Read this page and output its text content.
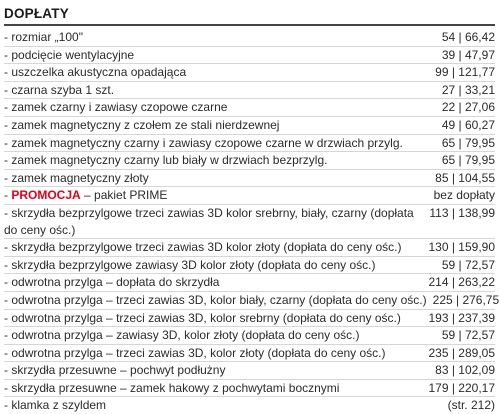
DOPŁATY
- rozmiar „100"	54 | 66,42
- podcięcie wentylacyjne	39 | 47,97
- uszczelka akustyczna opadająca	99 | 121,77
- czarna szyba 1 szt.	27 | 33,21
- zamek czarny i zawiasy czopowe czarne	22 | 27,06
- zamek magnetyczny z czołem ze stali nierdzewnej	49 | 60,27
- zamek magnetyczny czarny i zawiasy czopowe czarne w drzwiach przylg.	65 | 79,95
- zamek magnetyczny czarny lub biały w drzwiach bezprzylg.	65 | 79,95
- zamek magnetyczny złoty	85 | 104,55
- PROMOCJA – pakiet PRIME	bez dopłaty
- skrzydła bezprzylgowe trzeci zawias 3D kolor srebrny, biały, czarny (dopłata do ceny ośc.)
113 | 138,99
- skrzydła bezprzylgowe trzeci zawias 3D kolor złoty (dopłata do ceny ośc.)	130 | 159,90
- skrzydła bezprzylgowe zawiasy 3D kolor złoty (dopłata do ceny ośc.)	59 | 72,57
- odwrotna przylga – dopłata do skrzydła	214 | 263,22
- odwrotna przylga – trzeci zawias 3D, kolor biały, czarny (dopłata do ceny ośc.) 225 | 276,75
- odwrotna przylga – trzeci zawias 3D, kolor srebrny (dopłata do ceny ośc.)	193 | 237,39
- odwrotna przylga – zawiasy 3D, kolor złoty (dopłata do ceny ośc.)	59 | 72,57
- odwrotna przylga – trzeci zawias 3D, kolor złoty (dopłata do ceny ośc.)	235 | 289,05
- skrzydła przesuwne – pochwyt podłużny	83 | 102,09
- skrzydła przesuwne – zamek hakowy z pochwytami bocznymi	179 | 220,17
- klamka z szyldem	(str. 212)
